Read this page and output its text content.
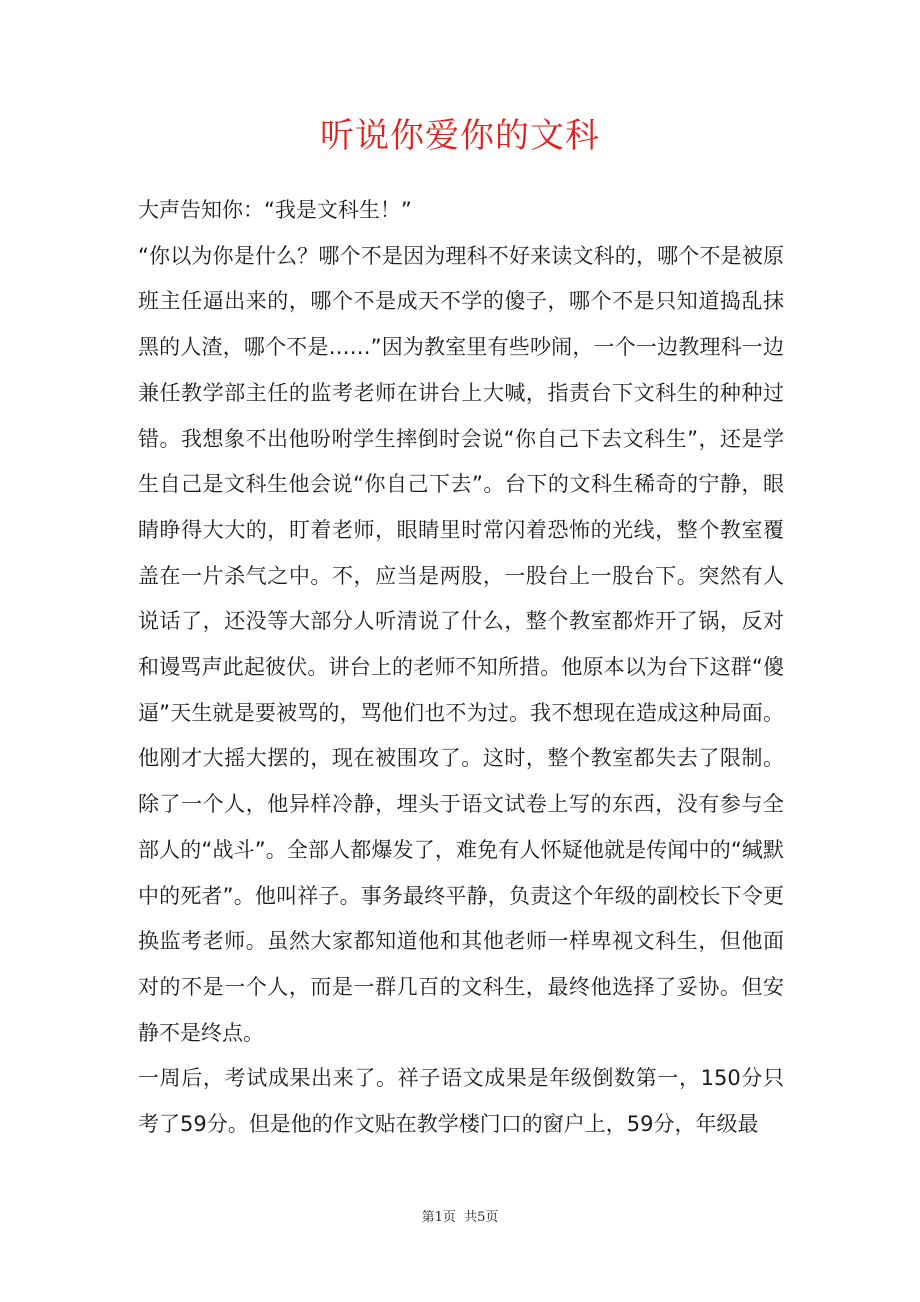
听说你爱你的文科

大声告知你：“我是文科生！”

“你以为你是什么？哪个不是因为理科不好来读文科的，哪个不是被原班主任逼出来的，哪个不是成天不学的傻子，哪个不是只知道捣乱抹黑的人渣，哪个不是……”因为教室里有些吵闹，一个一边教理科一边兼任教学部主任的监考老师在讲台上大喊，指责台下文科生的种种过错。我想象不出他吩咐学生摔倒时会说“你自己下去文科生”，还是学生自己是文科生他会说“你自己下去”。台下的文科生稀奇的宁静，眼睛睁得大大的，盯着老师，眼睛里时常闪着恐怖的光线，整个教室覆盖在一片杀气之中。不，应当是两股，一股台上一股台下。突然有人说话了，还没等大部分人听清说了什么，整个教室都炸开了锅，反对和谩骂声此起彼伏。讲台上的老师不知所措。他原本以为台下这群“傻逼”天生就是要被骂的，骂他们也不为过。我不想现在造成这种局面。他刚才大摇大摆的，现在被围攻了。这时，整个教室都失去了限制。除了一个人，他异样冷静，埋头于语文试卷上写的东西，没有参与全部人的“战斗”。全部人都爆发了，难免有人怀疑他就是传闻中的“缄默中的死者”。他叫祥子。事务最终平静，负责这个年级的副校长下令更换监考老师。虽然大家都知道他和其他老师一样卑视文科生，但他面对的不是一个人，而是一群几百的文科生，最终他选择了妥协。但安静不是终点。

一周后，考试成果出来了。祥子语文成果是年级倒数第一，150分只考了59分。但是他的作文贴在教学楼门口的窗户上，59分，年级最

第1页 共5页
